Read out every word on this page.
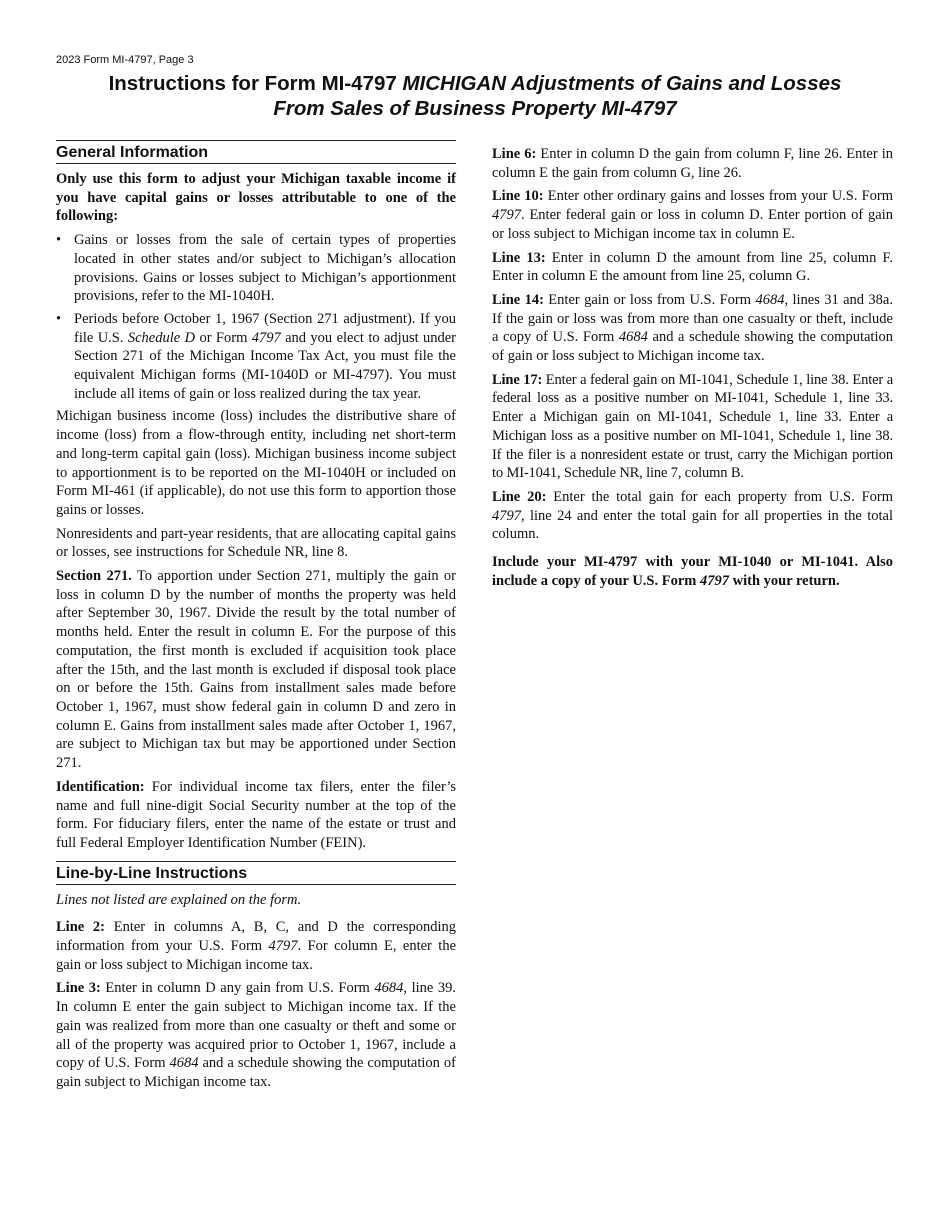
2023 Form MI-4797, Page 3
Instructions for Form MI-4797 MICHIGAN Adjustments of Gains and Losses
From Sales of Business Property MI-4797
General Information

Only use this form to adjust your Michigan taxable income if you have capital gains or losses attributable to one of the following:

• Gains or losses from the sale of certain types of properties located in other states and/or subject to Michigan’s allocation provisions. Gains or losses subject to Michigan’s apportionment provisions, refer to the MI-1040H.
• Periods before October 1, 1967 (Section 271 adjustment). If you file U.S. Schedule D or Form 4797 and you elect to adjust under Section 271 of the Michigan Income Tax Act, you must file the equivalent Michigan forms (MI-1040D or MI-4797). You must include all items of gain or loss realized during the tax year.

Michigan business income (loss) includes the distributive share of income (loss) from a flow-through entity, including net short-term and long-term capital gain (loss). Michigan business income subject to apportionment is to be reported on the MI-1040H or included on Form MI-461 (if applicable), do not use this form to apportion those gains or losses.

Nonresidents and part-year residents, that are allocating capital gains or losses, see instructions for Schedule NR, line 8.

Section 271. To apportion under Section 271, multiply the gain or loss in column D by the number of months the property was held after September 30, 1967. Divide the result by the total number of months held. Enter the result in column E. For the purpose of this computation, the first month is excluded if acquisition took place after the 15th, and the last month is excluded if disposal took place on or before the 15th. Gains from installment sales made before October 1, 1967, must show federal gain in column D and zero in column E. Gains from installment sales made after October 1, 1967, are subject to Michigan tax but may be apportioned under Section 271.

Identification: For individual income tax filers, enter the filer’s name and full nine-digit Social Security number at the top of the form. For fiduciary filers, enter the name of the estate or trust and full Federal Employer Identification Number (FEIN).

Line-by-Line Instructions

Lines not listed are explained on the form.

Line 2: Enter in columns A, B, C, and D the corresponding information from your U.S. Form 4797. For column E, enter the gain or loss subject to Michigan income tax.

Line 3: Enter in column D any gain from U.S. Form 4684, line 39. In column E enter the gain subject to Michigan income tax. If the gain was realized from more than one casualty or theft and some or all of the property was acquired prior to October 1, 1967, include a copy of U.S. Form 4684 and a schedule showing the computation of gain subject to Michigan income tax.

Line 6: Enter in column D the gain from column F, line 26. Enter in column E the gain from column G, line 26.

Line 10: Enter other ordinary gains and losses from your U.S. Form 4797. Enter federal gain or loss in column D. Enter portion of gain or loss subject to Michigan income tax in column E.

Line 13: Enter in column D the amount from line 25, column F. Enter in column E the amount from line 25, column G.

Line 14: Enter gain or loss from U.S. Form 4684, lines 31 and 38a. If the gain or loss was from more than one casualty or theft, include a copy of U.S. Form 4684 and a schedule showing the computation of gain or loss subject to Michigan income tax.

Line 17: Enter a federal gain on MI-1041, Schedule 1, line 38. Enter a federal loss as a positive number on MI-1041, Schedule 1, line 33. Enter a Michigan gain on MI-1041, Schedule 1, line 33. Enter a Michigan loss as a positive number on MI-1041, Schedule 1, line 38. If the filer is a nonresident estate or trust, carry the Michigan portion to MI-1041, Schedule NR, line 7, column B.

Line 20: Enter the total gain for each property from U.S. Form 4797, line 24 and enter the total gain for all properties in the total column.

Include your MI-4797 with your MI-1040 or MI-1041. Also include a copy of your U.S. Form 4797 with your return.
